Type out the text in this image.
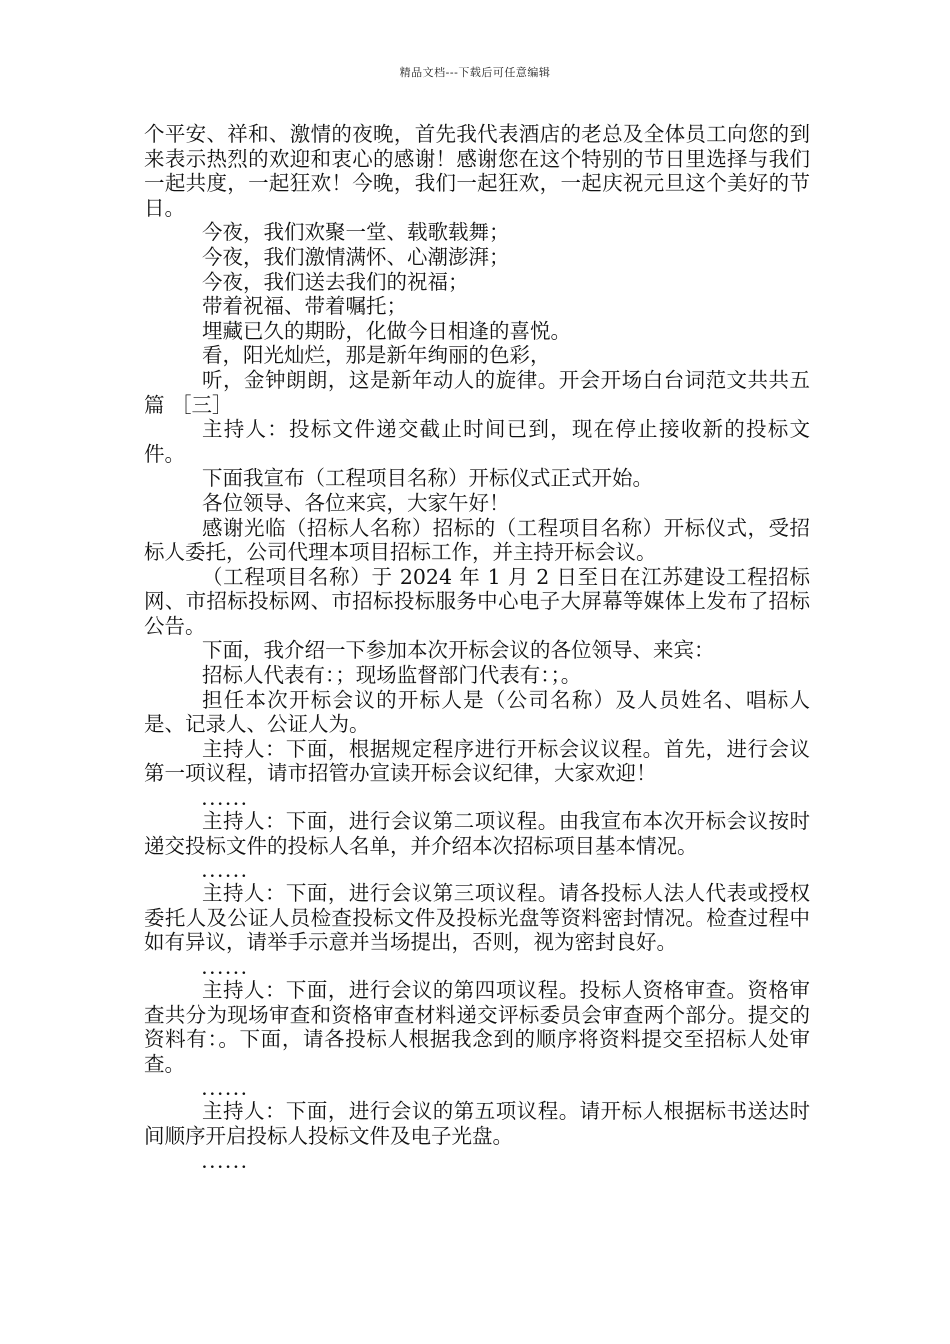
精品文档---下载后可任意编辑

个平安、祥和、激情的夜晚，首先我代表酒店的老总及全体员工向您的到来表示热烈的欢迎和衷心的感谢！感谢您在这个特别的节日里选择与我们一起共度，一起狂欢！今晚，我们一起狂欢，一起庆祝元旦这个美好的节日。

今夜，我们欢聚一堂、载歌载舞；

今夜，我们激情满怀、心潮澎湃；

今夜，我们送去我们的祝福；

带着祝福、带着嘱托；

埋藏已久的期盼，化做今日相逢的喜悦。

看，阳光灿烂，那是新年绚丽的色彩，

听，金钟朗朗，这是新年动人的旋律。开会开场白台词范文共共五篇 ［三］

主持人：投标文件递交截止时间已到，现在停止接收新的投标文件。

下面我宣布（工程项目名称）开标仪式正式开始。

各位领导、各位来宾，大家午好！

感谢光临（招标人名称）招标的（工程项目名称）开标仪式，受招标人委托，公司代理本项目招标工作，并主持开标会议。

（工程项目名称）于 2024 年 1 月 2 日至日在江苏建设工程招标网、市招标投标网、市招标投标服务中心电子大屏幕等媒体上发布了招标公告。

下面，我介绍一下参加本次开标会议的各位领导、来宾：

招标人代表有：；现场监督部门代表有：；。

担任本次开标会议的开标人是（公司名称）及人员姓名、唱标人是、记录人、公证人为。

主持人：下面，根据规定程序进行开标会议议程。首先，进行会议第一项议程，请市招管办宣读开标会议纪律，大家欢迎！

......

主持人：下面，进行会议第二项议程。由我宣布本次开标会议按时递交投标文件的投标人名单，并介绍本次招标项目基本情况。

......

主持人：下面，进行会议第三项议程。请各投标人法人代表或授权委托人及公证人员检查投标文件及投标光盘等资料密封情况。检查过程中如有异议，请举手示意并当场提出，否则，视为密封良好。

......

主持人：下面，进行会议的第四项议程。投标人资格审查。资格审查共分为现场审查和资格审查材料递交评标委员会审查两个部分。提交的资料有：。下面，请各投标人根据我念到的顺序将资料提交至招标人处审查。

......

主持人：下面，进行会议的第五项议程。请开标人根据标书送达时间顺序开启投标人投标文件及电子光盘。

......
